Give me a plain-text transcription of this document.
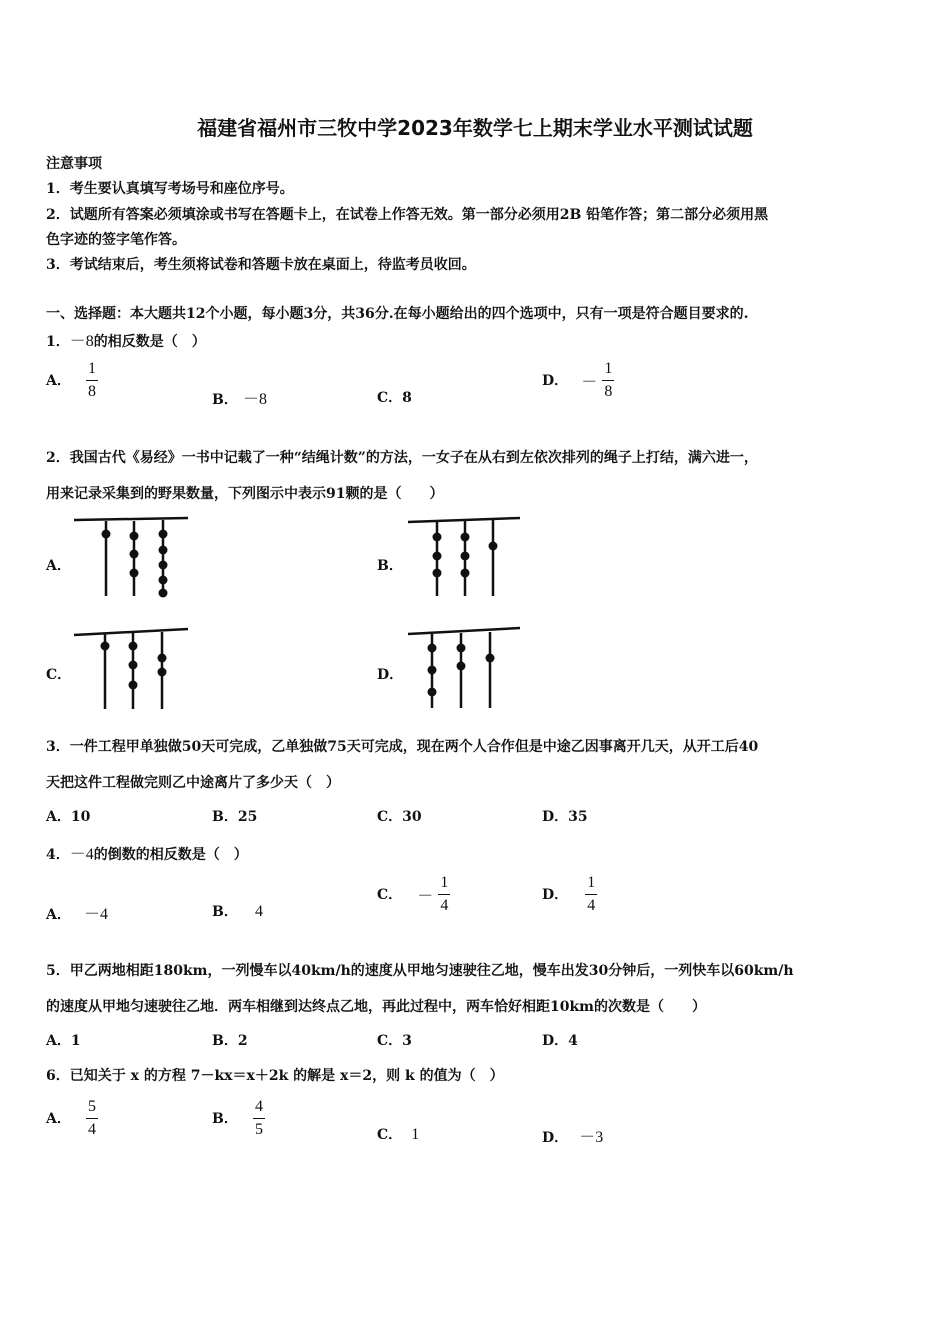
福建省福州市三牧中学2023年数学七上期末学业水平测试试题
注意事项
1．考生要认真填写考场号和座位序号。
2．试题所有答案必须填涂或书写在答题卡上，在试卷上作答无效。第一部分必须用2B 铅笔作答；第二部分必须用黑
色字迹的签字笔作答。
3．考试结束后，考生须将试卷和答题卡放在桌面上，待监考员收回。
一、选择题：本大题共12个小题，每小题3分，共36分.在每小题给出的四个选项中，只有一项是符合题目要求的.
1．－8的相反数是（　）
A． $\frac{1}{8}$	B． －8	C．8
D． － $\frac{1}{8}$
2．我国古代《易经》一书中记载了一种“结绳计数”的方法，一女子在从右到左依次排列的绳子上打结，满六进一，
用来记录采集到的野果数量，下列图示中表示91颗的是（　　）
A．	B．
C．	D．
3．一件工程甲单独做50天可完成，乙单独做75天可完成，现在两个人合作但是中途乙因事离开几天，从开工后40
天把这件工程做完则乙中途离片了多少天（　）
A．10	B．25	C．30	D．35
4．－4的倒数的相反数是（　）
A． －4	B． 4
C． － $\frac{1}{4}$	D． $\frac{1}{4}$
5．甲乙两地相距180km，一列慢车以40km/h的速度从甲地匀速驶往乙地，慢车出发30分钟后，一列快车以60km/h
的速度从甲地匀速驶往乙地．两车相继到达终点乙地，再此过程中，两车恰好相距10km的次数是（　　）
A．1	B．2	C．3	D．4
6．已知关于 x 的方程 7－kx＝x＋2k 的解是 x＝2，则 k 的值为（　）
A． $\frac{5}{4}$	B． $\frac{4}{5}$	C． 1	D． －3
